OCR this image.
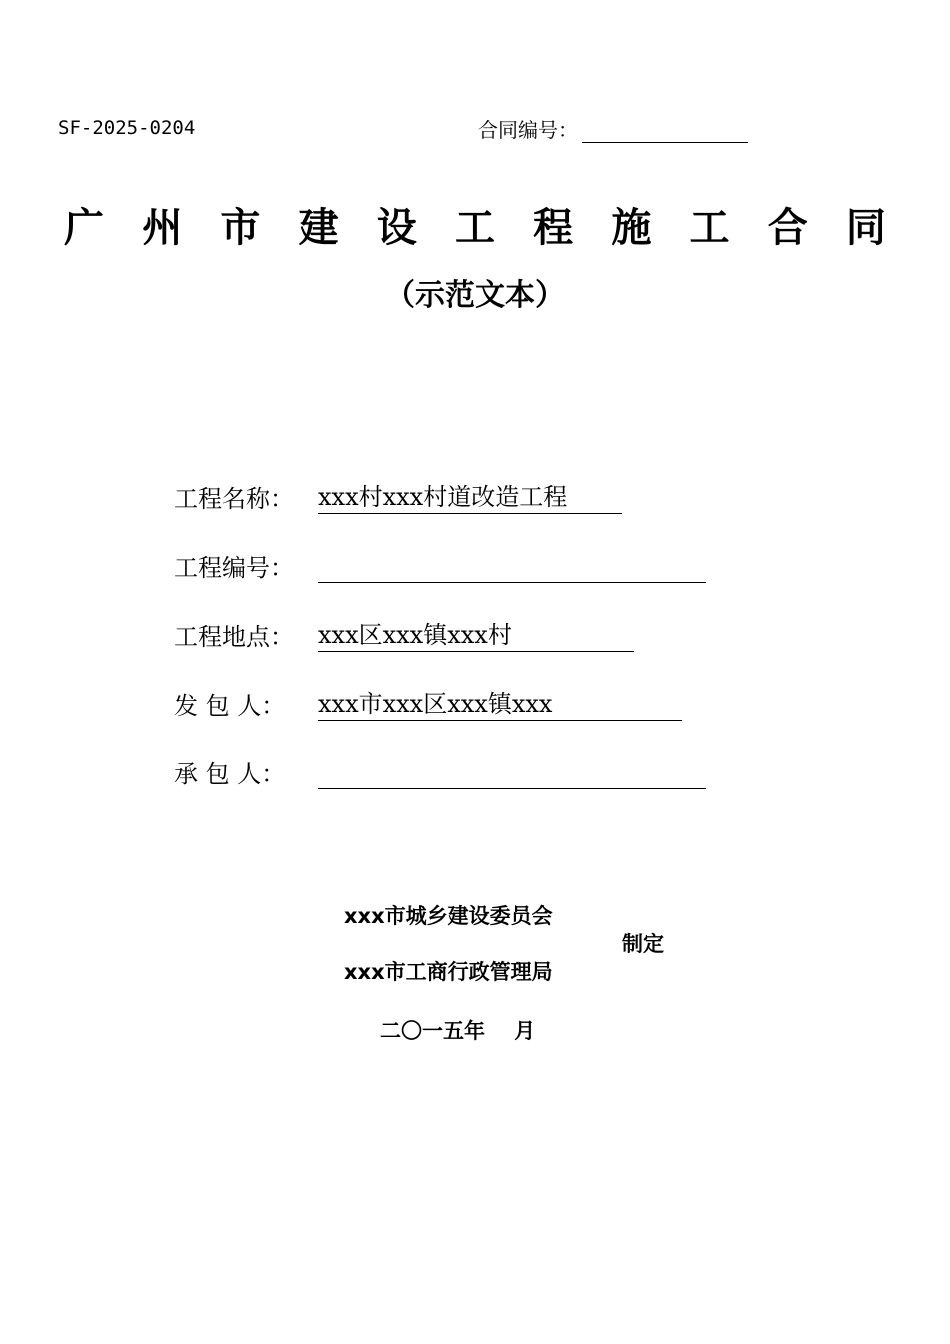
SF-2025-0204	合同编号：
广 州 市 建 设 工 程 施 工 合 同
（示范文本）
工程名称：	xxx村xxx村道改造工程
工程编号：
工程地点：	xxx区xxx镇xxx村
发 包 人：	xxx市xxx区xxx镇xxx
承 包 人：
xxx市城乡建设委员会
制定
xxx市工商行政管理局
二〇一五年    月
